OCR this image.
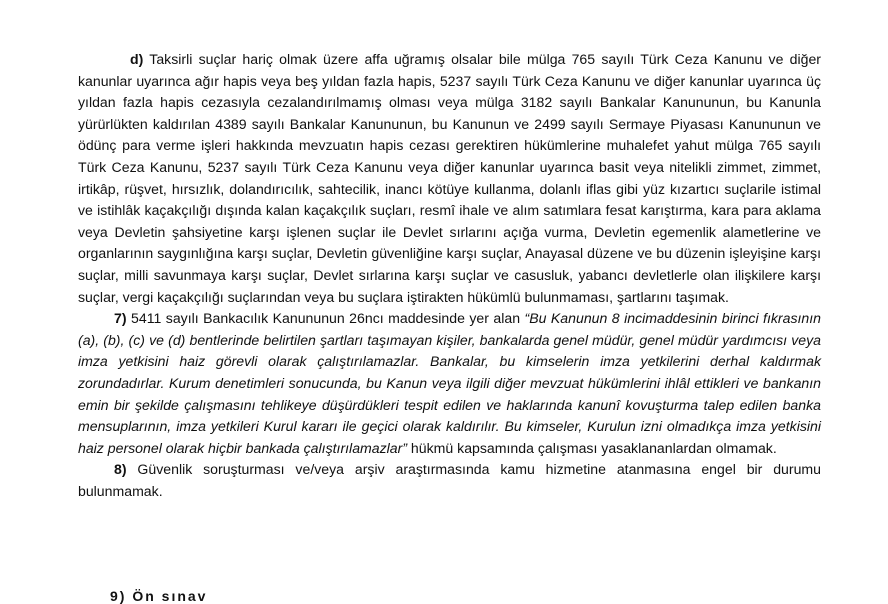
d) Taksirli suçlar hariç olmak üzere affa uğramış olsalar bile mülga 765 sayılı Türk Ceza Kanunu ve diğer kanunlar uyarınca ağır hapis veya beş yıldan fazla hapis, 5237 sayılı Türk Ceza Kanunu ve diğer kanunlar uyarınca üç yıldan fazla hapis cezasıyla cezalandırılmamış olması veya mülga 3182 sayılı Bankalar Kanununun, bu Kanunla yürürlükten kaldırılan 4389 sayılı Bankalar Kanununun, bu Kanunun ve 2499 sayılı Sermaye Piyasası Kanununun ve ödünç para verme işleri hakkında mevzuatın hapis cezası gerektiren hükümlerine muhalefet yahut mülga 765 sayılı Türk Ceza Kanunu, 5237 sayılı Türk Ceza Kanunu veya diğer kanunlar uyarınca basit veya nitelikli zimmet, zimmet, irtikâp, rüşvet, hırsızlık, dolandırıcılık, sahtecilik, inancı kötüye kullanma, dolanlı iflas gibi yüz kızartıcı suçlarile istimal ve istihlâk kaçakçılığı dışında kalan kaçakçılık suçları, resmî ihale ve alım satımlara fesat karıştırma, kara para aklama veya Devletin şahsiyetine karşı işlenen suçlar ile Devlet sırlarını açığa vurma, Devletin egemenlik alametlerine ve organlarının saygınlığına karşı suçlar, Devletin güvenliğine karşı suçlar, Anayasal düzene ve bu düzenin işleyişine karşı suçlar, milli savunmaya karşı suçlar, Devlet sırlarına karşı suçlar ve casusluk, yabancı devletlerle olan ilişkilere karşı suçlar, vergi kaçakçılığı suçlarından veya bu suçlara iştirakten hükümlü bulunmaması, şartlarını taşımak.

7) 5411 sayılı Bankacılık Kanununun 26ncı maddesinde yer alan “Bu Kanunun 8 incimaddesinin birinci fıkrasının (a), (b), (c) ve (d) bentlerinde belirtilen şartları taşımayan kişiler, bankalarda genel müdür, genel müdür yardımcısı veya imza yetkisini haiz görevli olarak çalıştırılamazlar. Bankalar, bu kimselerin imza yetkilerini derhal kaldırmak zorundadırlar. Kurum denetimleri sonucunda, bu Kanun veya ilgili diğer mevzuat hükümlerini ihlâl ettikleri ve bankanın emin bir şekilde çalışmasını tehlikeye düşürdükleri tespit edilen ve haklarında kanunî kovuşturma talep edilen banka mensuplarının, imza yetkileri Kurul kararı ile geçici olarak kaldırılır. Bu kimseler, Kurulun izni olmadıkça imza yetkisini haiz personel olarak hiçbir bankada çalıştırılamazlar” hükmü kapsamında çalışması yasaklananlardan olmamak.

8) Güvenlik soruşturması ve/veya arşiv araştırmasında kamu hizmetine atanmasına engel bir durumu bulunmamak.

9) Ön sınav
